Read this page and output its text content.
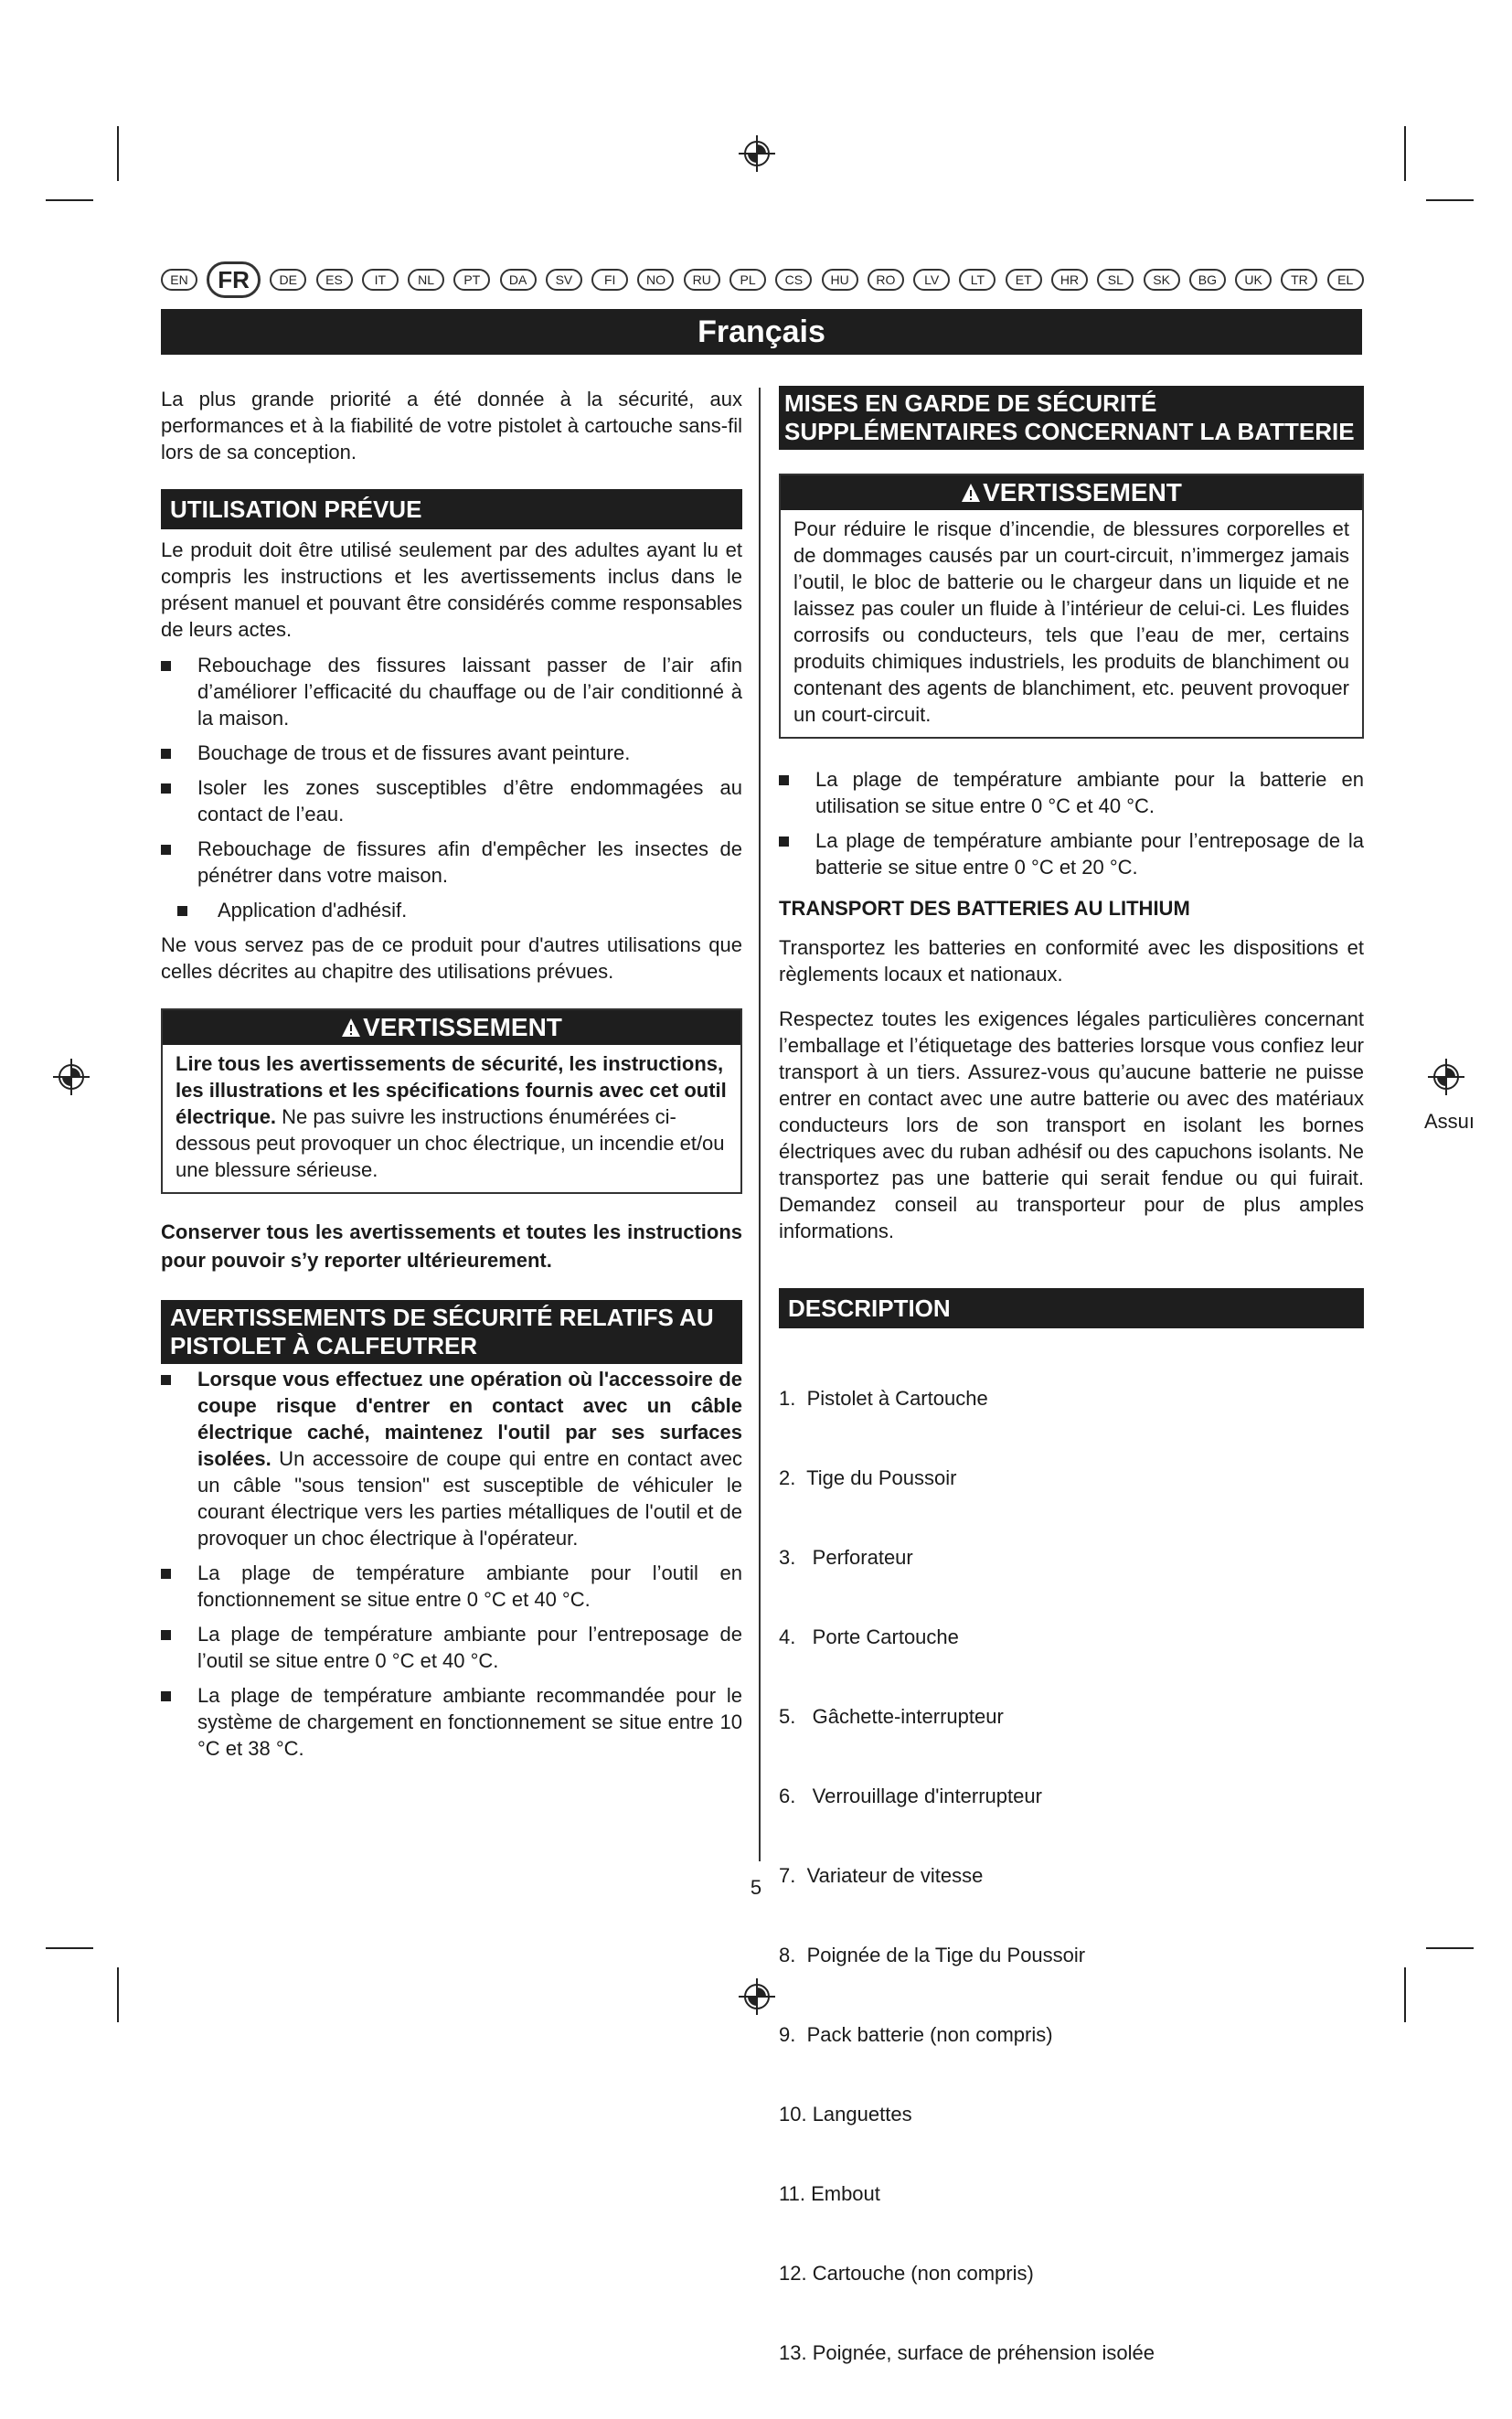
EN	FR	DE	ES	IT	NL	PT	DA	SV	FI	NO	RU	PL	CS	HU	RO	LV	LT	ET	HR	SL	SK	BG	UK	TR	EL
Français

La plus grande priorité a été donnée à la sécurité, aux performances et à la fiabilité de votre pistolet à cartouche sans-fil lors de sa conception.

UTILISATION PRÉVUE

Le produit doit être utilisé seulement par des adultes ayant lu et compris les instructions et les avertissements inclus dans le présent manuel et pouvant être considérés comme responsables de leurs actes.

Rebouchage des fissures laissant passer de l’air afin d’améliorer l’efficacité du chauffage ou de l’air conditionné à la maison.
Bouchage de trous et de fissures avant peinture.
Isoler les zones susceptibles d’être endommagées au contact de l’eau.
Rebouchage de fissures afin d'empêcher les insectes de pénétrer dans votre maison.
Application d'adhésif.

Ne vous servez pas de ce produit pour d'autres utilisations que celles décrites au chapitre des utilisations prévues.

VERTISSEMENT
Lire tous les avertissements de sécurité, les instructions, les illustrations et les spécifications fournis avec cet outil électrique. Ne pas suivre les instructions énumérées ci-dessous peut provoquer un choc électrique, un incendie et/ou une blessure sérieuse.

Conserver tous les avertissements et toutes les instructions pour pouvoir s’y reporter ultérieurement.

AVERTISSEMENTS DE SÉCURITÉ RELATIFS AU PISTOLET À CALFEUTRER
Lorsque vous effectuez une opération où l'accessoire de coupe risque d'entrer en contact avec un câble électrique caché, maintenez l'outil par ses surfaces isolées. Un accessoire de coupe qui entre en contact avec un câble "sous tension" est susceptible de véhiculer le courant électrique vers les parties métalliques de l'outil et de provoquer un choc électrique à l'opérateur.
La plage de température ambiante pour l’outil en fonctionnement se situe entre 0 °C et 40 °C.
La plage de température ambiante pour l’entreposage de l’outil se situe entre 0 °C et 40 °C.
La plage de température ambiante recommandée pour le système de chargement en fonctionnement se situe entre 10 °C et 38 °C.
MISES EN GARDE DE SÉCURITÉ SUPPLÉMENTAIRES CONCERNANT LA BATTERIE
VERTISSEMENT
Pour réduire le risque d’incendie, de blessures corporelles et de dommages causés par un court-circuit, n’immergez jamais l’outil, le bloc de batterie ou le chargeur dans un liquide et ne laissez pas couler un fluide à l’intérieur de celui-ci. Les fluides corrosifs ou conducteurs, tels que l’eau de mer, certains produits chimiques industriels, les produits de blanchiment ou contenant des agents de blanchiment, etc. peuvent provoquer un court-circuit.
La plage de température ambiante pour la batterie en utilisation se situe entre 0 °C et 40 °C.
La plage de température ambiante pour l’entreposage de la batterie se situe entre 0 °C et 20 °C.

TRANSPORT DES BATTERIES AU LITHIUM

Transportez les batteries en conformité avec les dispositions et règlements locaux et nationaux.

Respectez toutes les exigences légales particulières concernant l’emballage et l’étiquetage des batteries lorsque vous confiez leur transport à un tiers. Assurez-vous qu’aucune batterie ne puisse entrer en contact avec une autre batterie ou avec des matériaux conducteurs lors de son transport en isolant les bornes électriques avec du ruban adhésif ou des capuchons isolants. Ne transportez pas une batterie qui serait fendue ou qui fuirait. Demandez conseil au transporteur pour de plus amples informations.

DESCRIPTION

1.  Pistolet à Cartouche

2.  Tige du Poussoir

3.   Perforateur

4.   Porte Cartouche

5.   Gâchette-interrupteur

6.   Verrouillage d'interrupteur

7.  Variateur de vitesse

8.  Poignée de la Tige du Poussoir

9.  Pack batterie (non compris)

10. Languettes

11. Embout

12. Cartouche (non compris)

13. Poignée, surface de préhension isolée

Assuı
5
